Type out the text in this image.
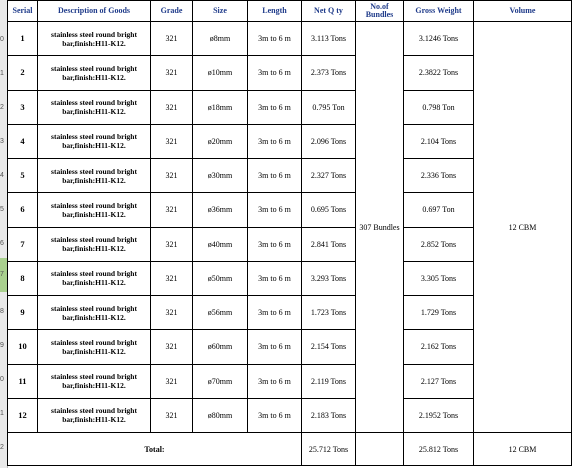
0
1
2
3
4
5
6
7
8
9
0
1
2
Serial	Description of Goods	Grade	Size	Length	Net Q ty	No.of Bundles	Gross Weight	Volume
1	stainless steel round bright bar,finish:H11-K12.	321	ø8mm	3m to 6 m	3.113 Tons	307 Bundles	3.1246 Tons	12 CBM
2	stainless steel round bright bar,finish:H11-K12.	321	ø10mm	3m to 6 m	2.373 Tons		2.3822 Tons	
3	stainless steel round bright bar,finish:H11-K12.	321	ø18mm	3m to 6 m	0.795 Ton		0.798 Ton	
4	stainless steel round bright bar,finish:H11-K12.	321	ø20mm	3m to 6 m	2.096 Tons		2.104 Tons	
5	stainless steel round bright bar,finish:H11-K12.	321	ø30mm	3m to 6 m	2.327 Tons		2.336 Tons	
6	stainless steel round bright bar,finish:H11-K12.	321	ø36mm	3m to 6 m	0.695 Tons		0.697 Ton	
7	stainless steel round bright bar,finish:H11-K12.	321	ø40mm	3m to 6 m	2.841 Tons		2.852 Tons	
8	stainless steel round bright bar,finish:H11-K12.	321	ø50mm	3m to 6 m	3.293 Tons		3.305 Tons	
9	stainless steel round bright bar,finish:H11-K12.	321	ø56mm	3m to 6 m	1.723 Tons		1.729 Tons	
10	stainless steel round bright bar,finish:H11-K12.	321	ø60mm	3m to 6 m	2.154 Tons		2.162 Tons	
11	stainless steel round bright bar,finish:H11-K12.	321	ø70mm	3m to 6 m	2.119 Tons		2.127 Tons	
12	stainless steel round bright bar,finish:H11-K12.	321	ø80mm	3m to 6 m	2.183 Tons		2.1952 Tons	
Total:					25.712 Tons		25.812 Tons	12 CBM
